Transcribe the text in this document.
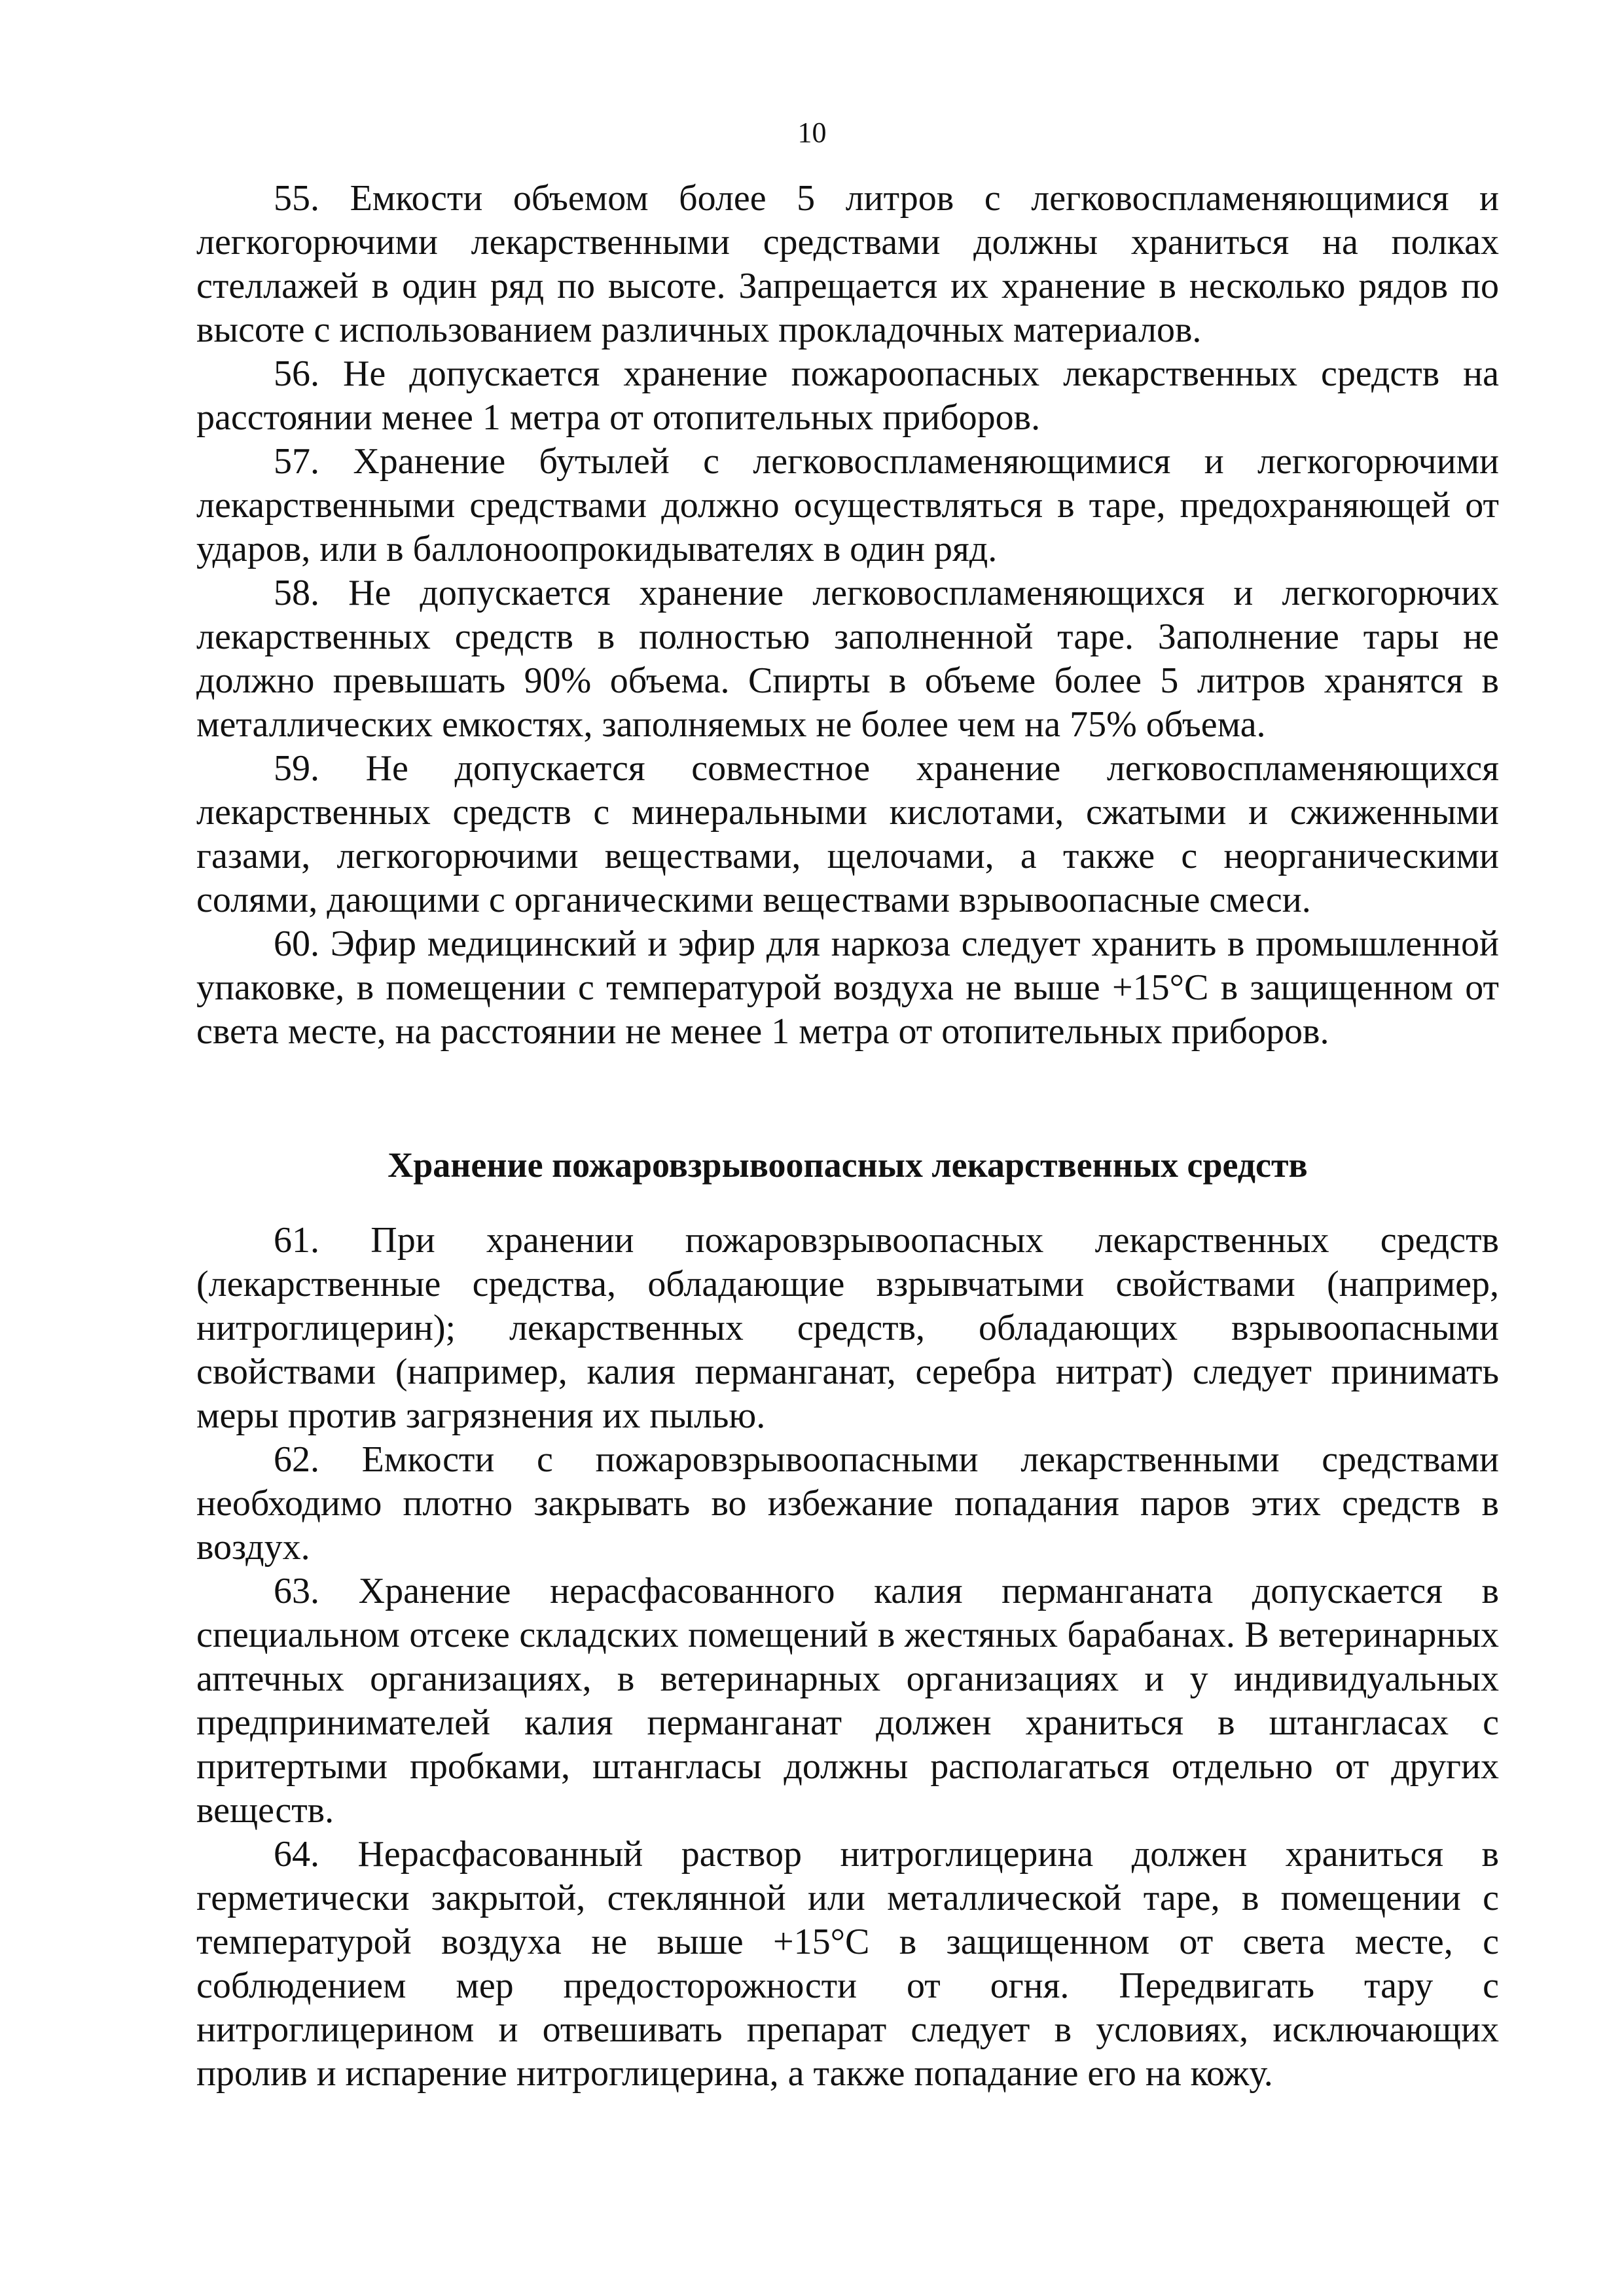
10

55. Емкости объемом более 5 литров с легковоспламеняющимися и легкогорючими лекарственными средствами должны храниться на полках стеллажей в один ряд по высоте. Запрещается их хранение в несколько рядов по высоте с использованием различных прокладочных материалов.

56. Не допускается хранение пожароопасных лекарственных средств на расстоянии менее 1 метра от отопительных приборов.

57. Хранение бутылей с легковоспламеняющимися и легкогорючими лекарственными средствами должно осуществляться в таре, предохраняющей от ударов, или в баллоноопрокидывателях в один ряд.

58. Не допускается хранение легковоспламеняющихся и легкогорючих лекарственных средств в полностью заполненной таре. Заполнение тары не должно превышать 90% объема. Спирты в объеме более 5 литров хранятся в металлических емкостях, заполняемых не более чем на 75% объема.

59. Не допускается совместное хранение легковоспламеняющихся лекарственных средств с минеральными кислотами, сжатыми и сжиженными газами, легкогорючими веществами, щелочами, а также с неорганическими солями, дающими с органическими веществами взрывоопасные смеси.

60. Эфир медицинский и эфир для наркоза следует хранить в промышленной упаковке, в помещении с температурой воздуха не выше +15°С в защищенном от света месте, на расстоянии не менее 1 метра от отопительных приборов.

Хранение пожаровзрывоопасных лекарственных средств

61. При хранении пожаровзрывоопасных лекарственных средств (лекарственные средства, обладающие взрывчатыми свойствами (например, нитроглицерин); лекарственных средств, обладающих взрывоопасными свойствами (например, калия перманганат, серебра нитрат) следует принимать меры против загрязнения их пылью.

62. Емкости с пожаровзрывоопасными лекарственными средствами необходимо плотно закрывать во избежание попадания паров этих средств в воздух.

63. Хранение нерасфасованного калия перманганата допускается в специальном отсеке складских помещений в жестяных барабанах. В ветеринарных аптечных организациях, в ветеринарных организациях и у индивидуальных предпринимателей калия перманганат должен храниться в штангласах с притертыми пробками, штангласы должны располагаться отдельно от других веществ.

64. Нерасфасованный раствор нитроглицерина должен храниться в герметически закрытой, стеклянной или металлической таре, в помещении с температурой воздуха не выше +15°С в защищенном от света месте, с соблюдением мер предосторожности от огня. Передвигать тару с нитроглицерином и отвешивать препарат следует в условиях, исключающих пролив и испарение нитроглицерина, а также попадание его на кожу.
